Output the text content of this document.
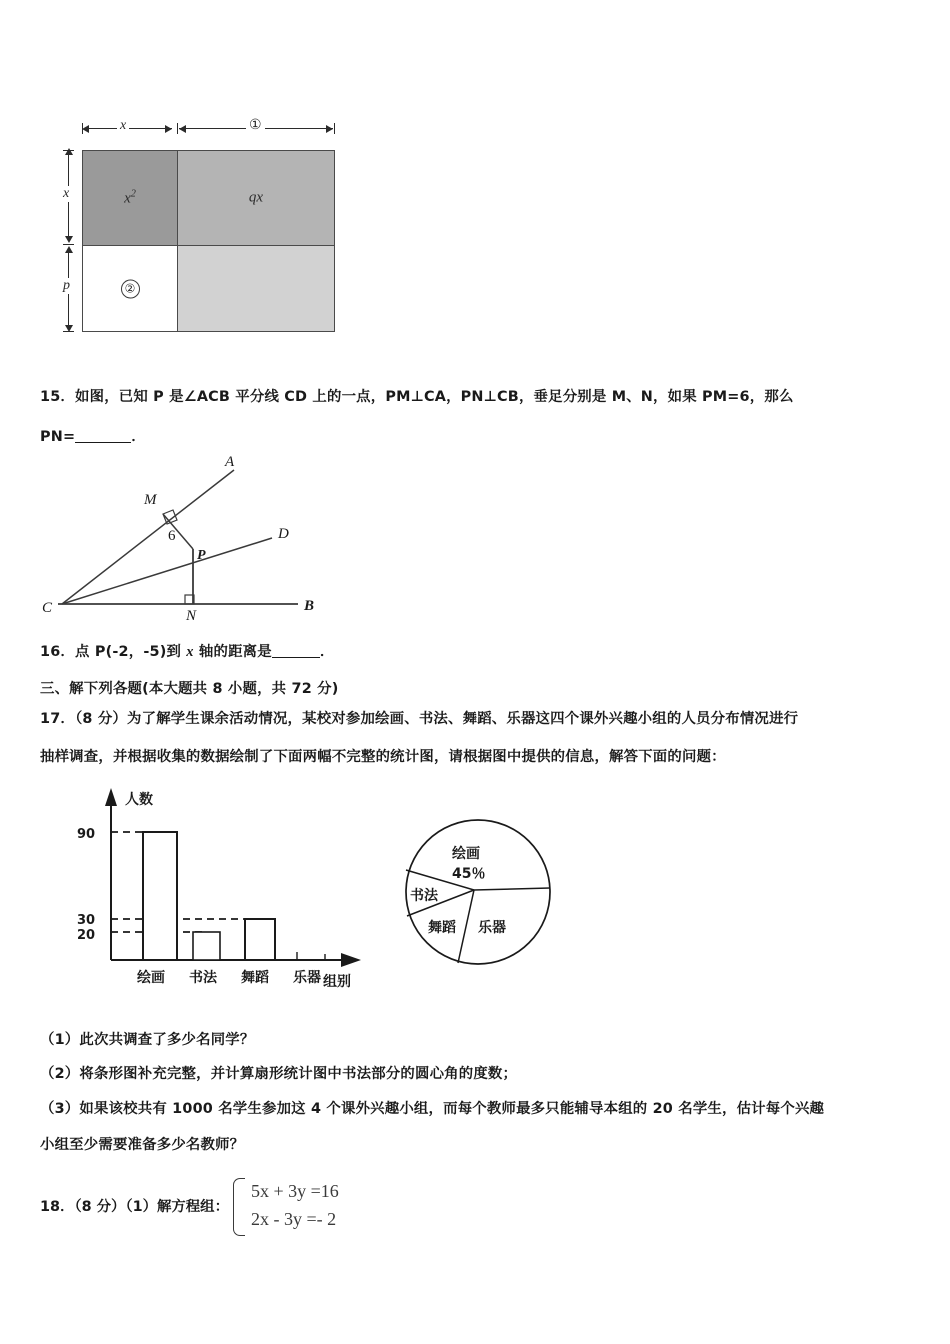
x	①
x
p
$x^2$	qx
②
15．如图，已知 P 是∠ACB 平分线 CD 上的一点，PM⊥CA，PN⊥CB，垂足分别是 M、N，如果 PM=6，那么
PN=	．
A
B
C
D
M
N
P
6
16．点 P(-2，-5)到 x 轴的距离是	．
三、解下列各题(本大题共 8 小题，共 72 分)
17．（8 分）为了解学生课余活动情况，某校对参加绘画、书法、舞蹈、乐器这四个课外兴趣小组的人员分布情况进行
抽样调查，并根据收集的数据绘制了下面两幅不完整的统计图，请根据图中提供的信息，解答下面的问题：
90
30
20
人数
组别
绘画 书法 舞蹈 乐器
绘画
45％
书法
舞蹈 乐器
（1）此次共调查了多少名同学？
（2）将条形图补充完整，并计算扇形统计图中书法部分的圆心角的度数；
（3）如果该校共有 1000 名学生参加这 4 个课外兴趣小组，而每个教师最多只能辅导本组的 20 名学生，估计每个兴趣
小组至少需要准备多少名教师？
18．（8 分）（1）解方程组：
5x + 3y =16
2x - 3y =- 2
